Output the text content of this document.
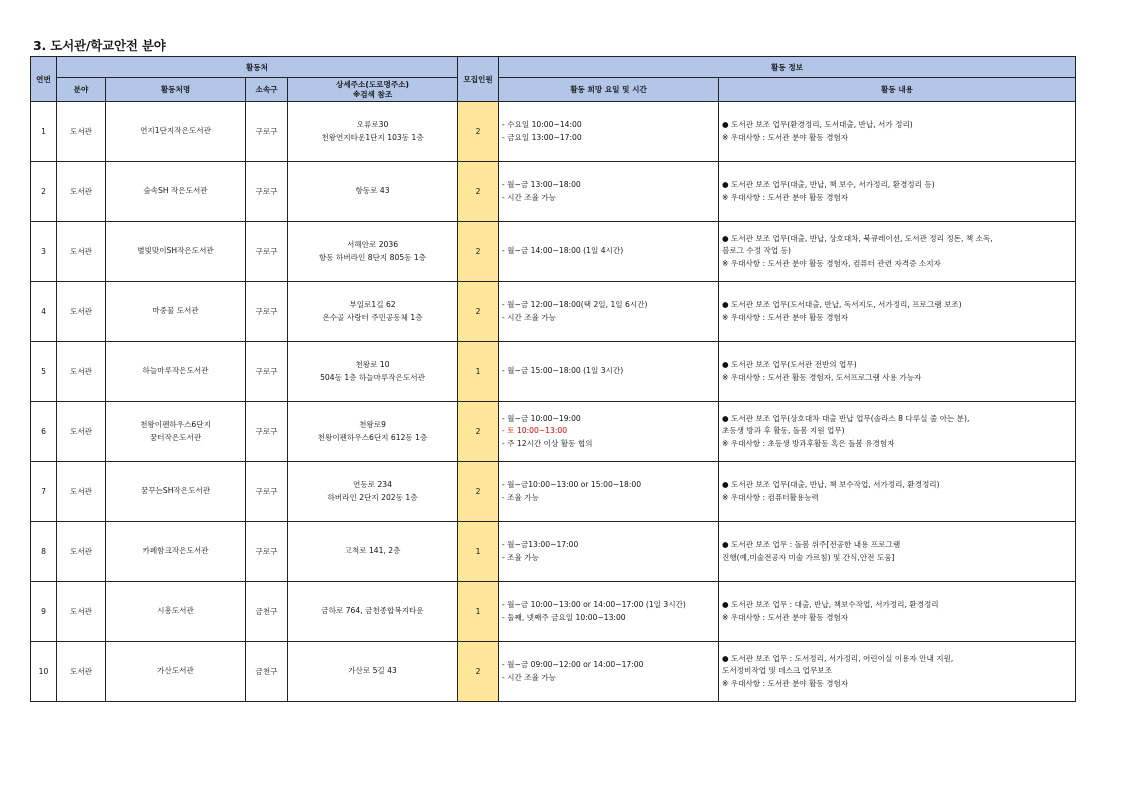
3. 도서관/학교안전 분야
연번	활동처				모집인원	활동 정보	
	분야	활동처명	소속구	상세주소(도로명주소)
※검색 참조		활동 희망 요일 및 시간	활동 내용
1	도서관	연지1단지작은도서관	구로구	오류로30
천왕연지타운1단지 103동 1층	2	- 수요일 10:00~14:00
- 금요일 13:00~17:00	● 도서관 보조 업무(환경정리, 도서대출, 반납, 서가 정리)
※ 우대사항 : 도서관 분야 활동 경험자

2	도서관	숲속SH 작은도서관	구로구	항동로 43	2	- 월~금 13:00~18:00
- 시간 조율 가능	● 도서관 보조 업무(대출, 반납, 책 보수, 서가정리, 환경정리 등)
※ 우대사항 : 도서관 분야 활동 경험자

3	도서관	별빛맞이SH작은도서관	구로구	서해안로 2036
항동 하버라인 8단지 805동 1층	2	- 월~금 14:00~18:00 (1일 4시간)	● 도서관 보조 업무(대출, 반납, 상호대차, 북큐레이션, 도서관 정리 정돈, 책 소독,
블로그 수정 작업 등)
※ 우대사항 : 도서관 분야 활동 경험자, 컴퓨터 관련 자격증 소지자

4	도서관	마중물 도서관	구로구	부일로1길 62
온수골 사랑터 주민공동체 1층	2	- 월~금 12:00~18:00(택 2일, 1일 6시간)
- 시간 조율 가능	● 도서관 보조 업무(도서대출, 반납, 독서지도, 서가정리, 프로그램 보조)
※ 우대사항 : 도서관 분야 활동 경험자

5	도서관	하늘마루작은도서관	구로구	천왕로 10
504동 1층 하늘마루작은도서관	1	- 월~금 15:00~18:00 (1일 3시간)	● 도서관 보조 업무(도서관 전반의 업무)
※ 우대사항 : 도서관 활동 경험자, 도서프로그램 사용 가능자

6	도서관	천왕이펜하우스6단지
꿈터작은도서관	구로구	천왕로9
천왕이펜하우스6단지 612동 1층	2	- 월~금 10:00~19:00
- 토 10:00~13:00
- 주 12시간 이상 활동 협의	● 도서관 보조 업무(상호대차 대출 반납 업무(솔라스 8 다루실 줄 아는 분),
초등생 방과 후 활동, 돌봄 지원 업무)
※ 우대사항 : 초등생 방과후활동 혹은 돌봄 유경험자

7	도서관	꿈꾸는SH작은도서관	구로구	연동로 234
하버라인 2단지 202동 1층	2	- 월~금10:00~13:00 or 15:00~18:00
- 조율 가능	● 도서관 보조 업무(대출, 반납, 책 보수작업, 서가정리, 환경정리)
※ 우대사항 : 컴퓨터활용능력

8	도서관	카페함크작은도서관	구로구	고척로 141, 2층	1	- 월~금13:00~17:00
- 조율 가능	● 도서관 보조 업무 : 돌봄 위주[전공한 내용 프로그램
진행(예,미술전공자 미술 가르침) 및 간식,안전 도움]

9	도서관	시흥도서관	금천구	금하로 764, 금천종합복지타운	1	- 월~금 10:00~13:00 or 14:00~17:00 (1일 3시간)
- 둘째, 넷째주 금요일 10:00~13:00	● 도서관 보조 업무 : 대출, 반납, 책보수작업, 서가정리, 환경정리
※ 우대사항 : 도서관 분야 활동 경험자

10	도서관	가산도서관	금천구	가산로 5길 43	2	- 월~금 09:00~12:00 or 14:00~17:00
- 시간 조율 가능	● 도서관 보조 업무 : 도서정리, 서가정리, 어린이실 이용자 안내 지원,
도서정비작업 및 데스크 업무보조
※ 우대사항 : 도서관 분야 활동 경험자
